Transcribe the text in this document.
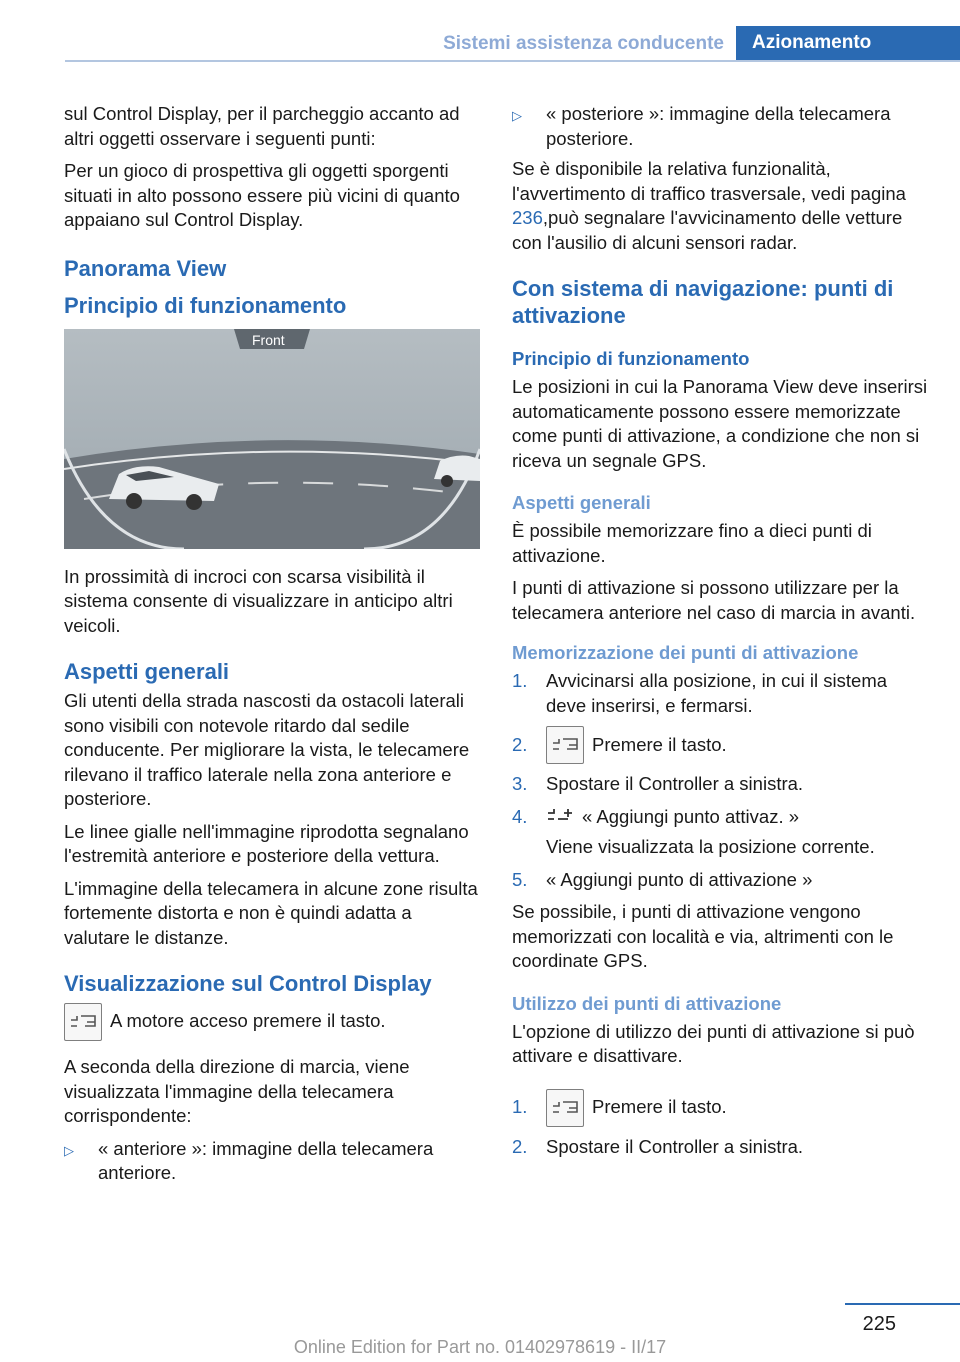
Sistemi assistenza conducente	Azionamento

sul Control Display, per il parcheggio accanto ad altri oggetti osservare i seguenti punti:

Per un gioco di prospettiva gli oggetti sporgenti situati in alto possono essere più vicini di quanto appaiano sul Control Display.

Panorama View
Principio di funzionamento
Front

In prossimità di incroci con scarsa visibilità il sistema consente di visualizzare in anticipo altri veicoli.

Aspetti generali

Gli utenti della strada nascosti da ostacoli laterali sono visibili con notevole ritardo dal sedile conducente. Per migliorare la vista, le telecamere rilevano il traffico laterale nella zona anteriore e posteriore.

Le linee gialle nell'immagine riprodotta segnalano l'estremità anteriore e posteriore della vettura.

L'immagine della telecamera in alcune zone risulta fortemente distorta e non è quindi adatta a valutare le distanze.

Visualizzazione sul Control Display

A motore acceso premere il tasto.

A seconda della direzione di marcia, viene visualizzata l'immagine della telecamera corrispondente:

▷	« anteriore »: immagine della telecamera anteriore.
▷	« posteriore »: immagine della telecamera posteriore.

Se è disponibile la relativa funzionalità, l'avvertimento di traffico trasversale, vedi pagina 236,può segnalare l'avvicinamento delle vetture con l'ausilio di alcuni sensori radar.

Con sistema di navigazione: punti di attivazione
Principio di funzionamento

Le posizioni in cui la Panorama View deve inserirsi automaticamente possono essere memorizzate come punti di attivazione, a condizione che non si riceva un segnale GPS.

Aspetti generali

È possibile memorizzare fino a dieci punti di attivazione.

I punti di attivazione si possono utilizzare per la telecamera anteriore nel caso di marcia in avanti.

Memorizzazione dei punti di attivazione
1.	Avvicinarsi alla posizione, in cui il sistema deve inserirsi, e fermarsi.
2.	Premere il tasto.
3.	Spostare il Controller a sinistra.
4.	« Aggiungi punto attivaz. »

Viene visualizzata la posizione corrente.

5.	« Aggiungi punto di attivazione »

Se possibile, i punti di attivazione vengono memorizzati con località e via, altrimenti con le coordinate GPS.

Utilizzo dei punti di attivazione

L'opzione di utilizzo dei punti di attivazione si può attivare e disattivare.

1.	Premere il tasto.
2.	Spostare il Controller a sinistra.
225
Online Edition for Part no. 01402978619 - II/17
